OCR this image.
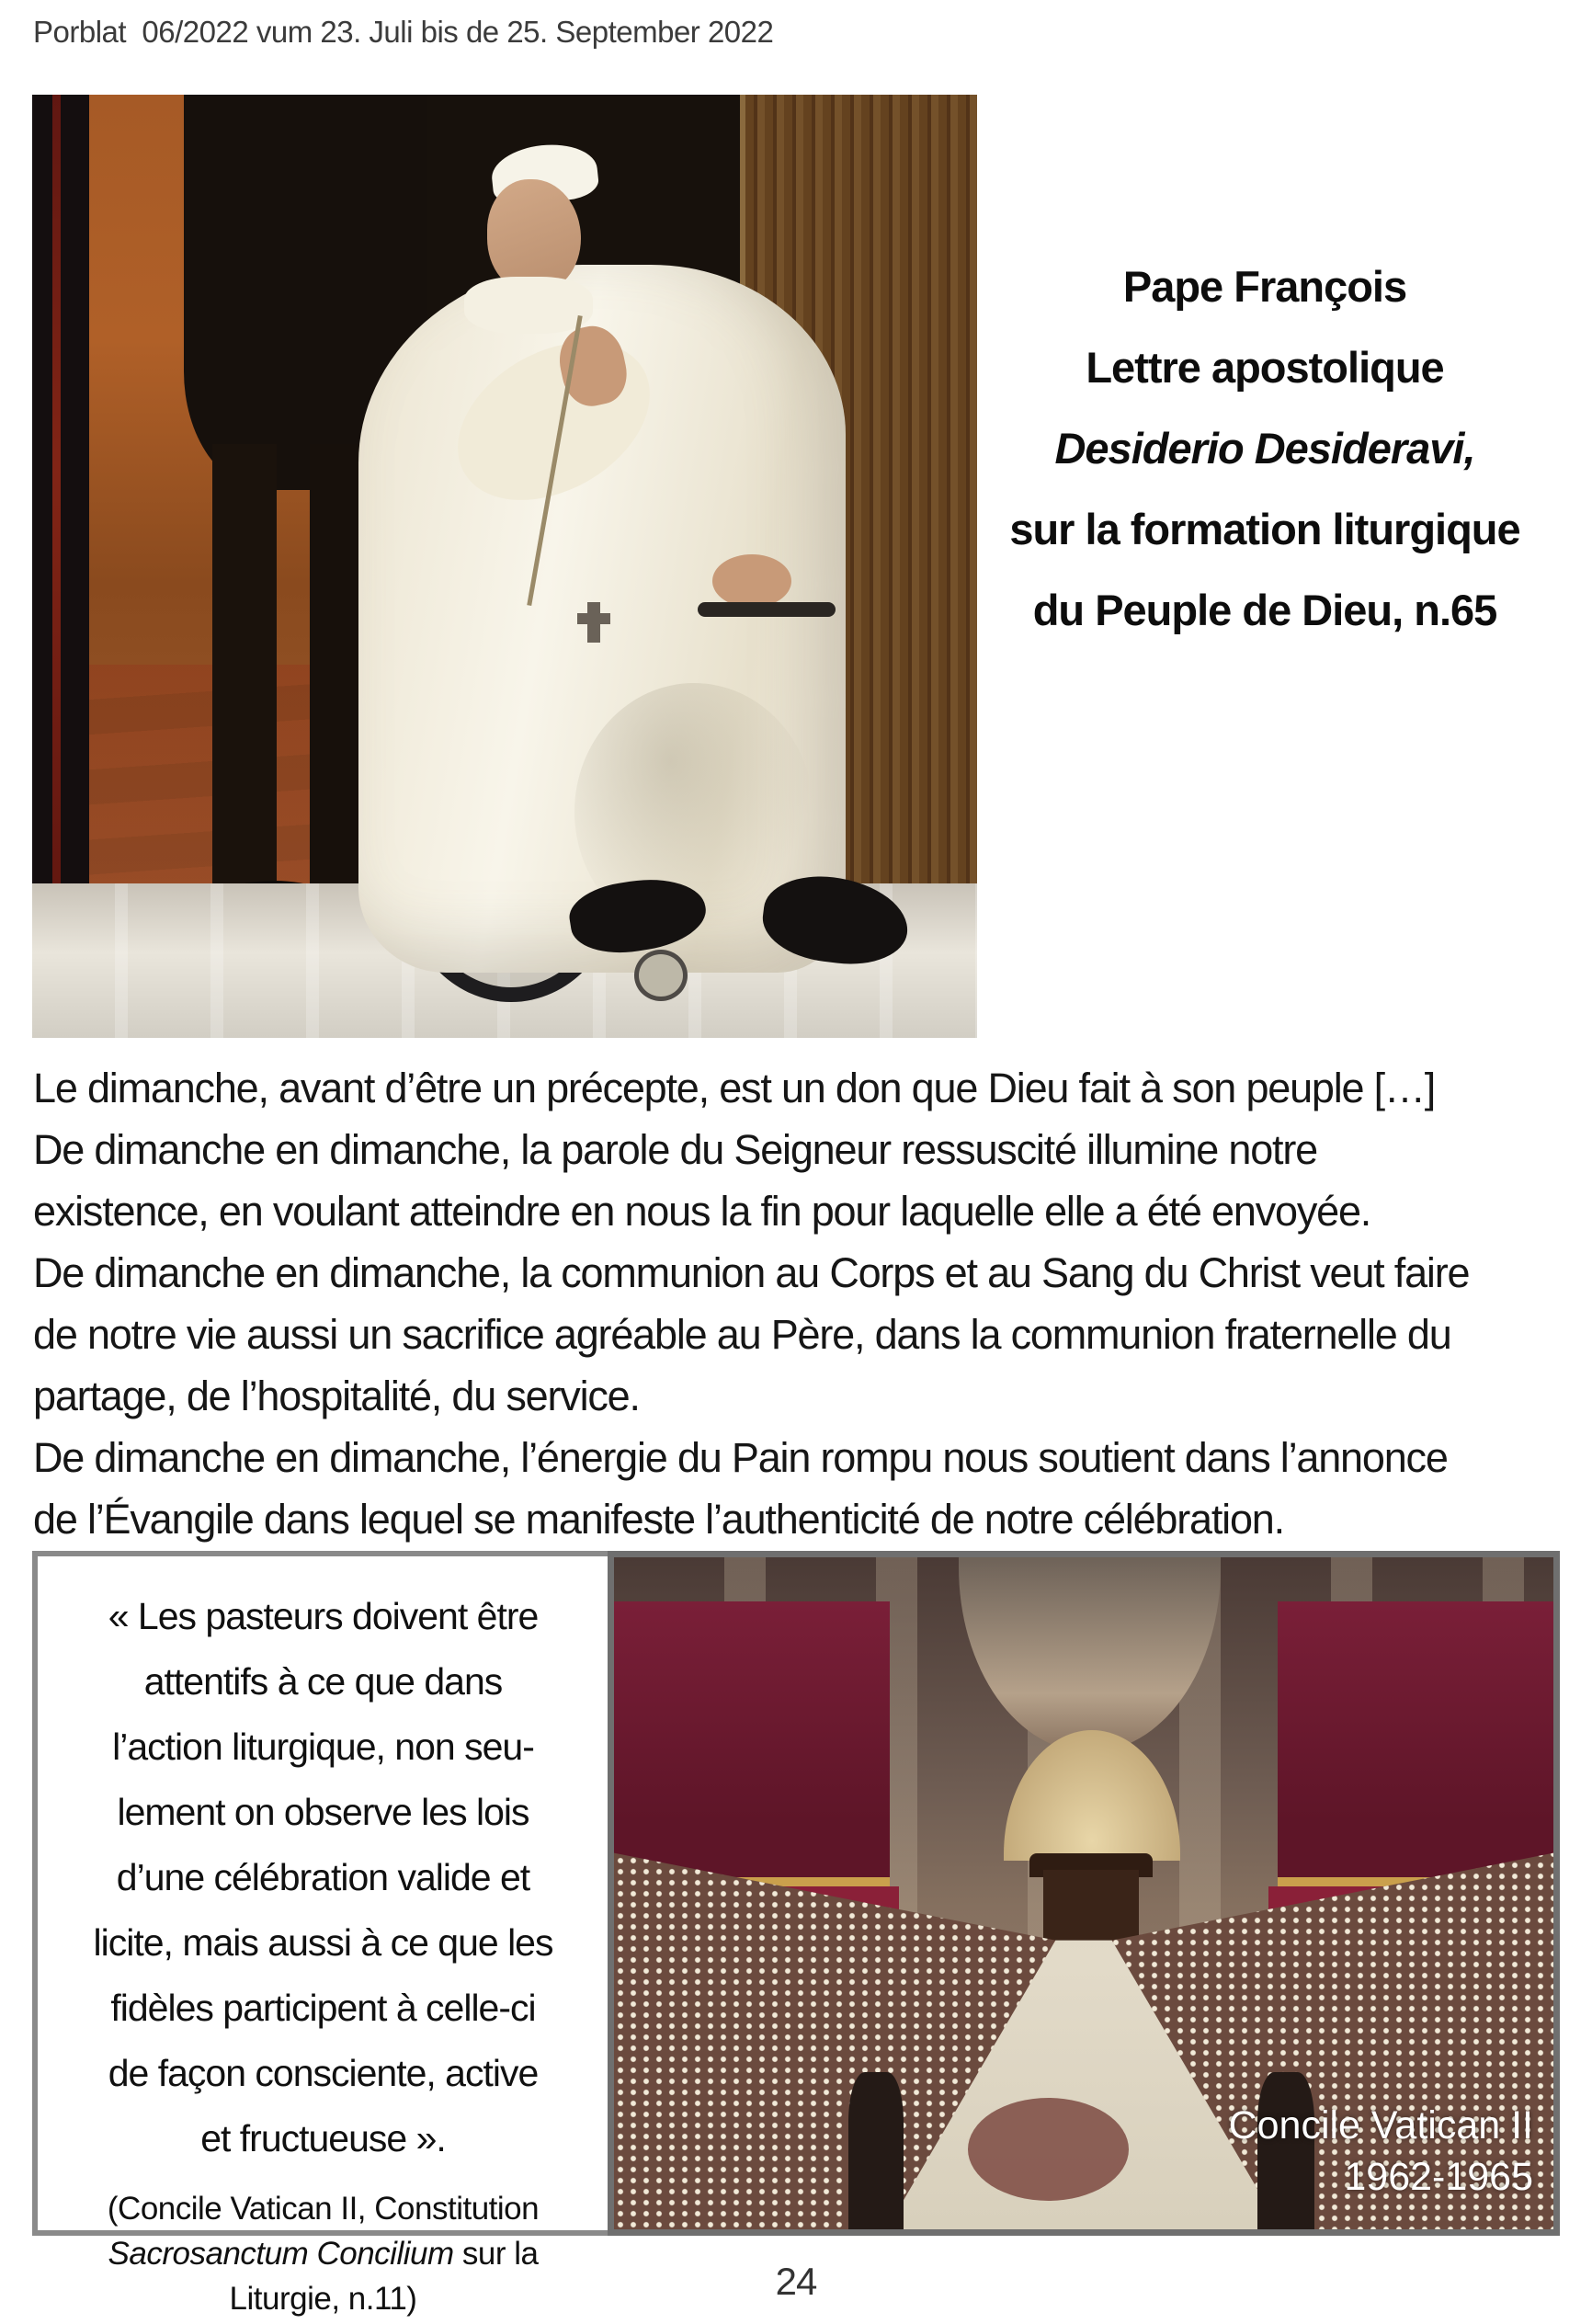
Porblat  06/2022 vum 23. Juli bis de 25. September 2022
Pape François
Lettre apostolique
Desiderio Desideravi,
sur la formation liturgique
du Peuple de Dieu, n.65
Le dimanche, avant d’être un précepte, est un don que Dieu fait à son peuple […]
De dimanche en dimanche, la parole du Seigneur ressuscité illumine notre
existence, en voulant atteindre en nous la fin pour laquelle elle a été envoyée.
De dimanche en dimanche, la communion au Corps et au Sang du Christ veut faire
de notre vie aussi un sacrifice agréable au Père, dans la communion fraternelle du
partage, de l’hospitalité, du service.
De dimanche en dimanche, l’énergie du Pain rompu nous soutient dans l’annonce
de l’Évangile dans lequel se manifeste l’authenticité de notre célébration.
« Les pasteurs doivent être
attentifs à ce que dans
l’action liturgique, non seu-
lement on observe les lois
d’une célébration valide et
licite, mais aussi à ce que les
fidèles participent à celle-ci
de façon consciente, active
et fructueuse ».
(Concile Vatican II, Constitution
Sacrosanctum Concilium sur la
Liturgie, n.11)
Concile Vatican II
1962-1965
24
